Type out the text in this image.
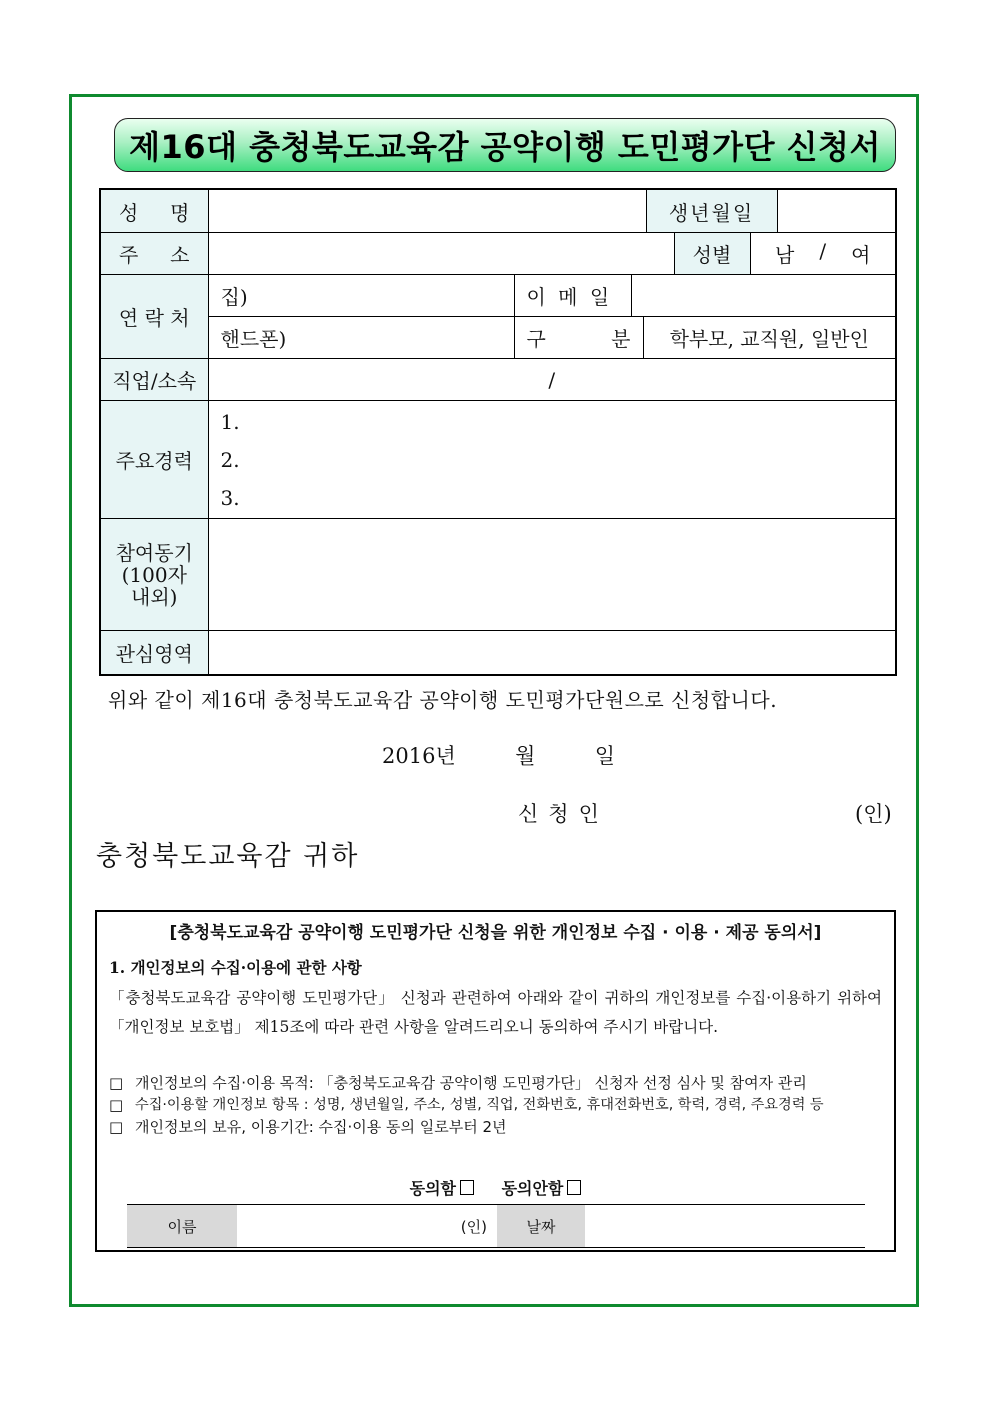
제16대 충청북도교육감 공약이행 도민평가단 신청서
성 명			생년월일		

주 소				성별	남 / 여

연 락 처	집)	이 메 일			

	핸드폰)	구 분 학부모, 교직원, 일반인			

직업/소속	/				
주요경력	1.
2.
3.				

참여동기
(100자
내외)					

관심영역					
위와 같이 제16대 충청북도교육감 공약이행 도민평가단원으로 신청합니다.
2016년	월	일
신청인	(인)
충청북도교육감 귀하
[충청북도교육감 공약이행 도민평가단 신청을 위한 개인정보 수집 · 이용 · 제공 동의서]
1. 개인정보의 수집·이용에 관한 사항
「충청북도교육감 공약이행 도민평가단」 신청과 관련하여 아래와 같이 귀하의 개인정보를 수집·이용하기 위하여 「개인정보 보호법」 제15조에 따라 관련 사항을 알려드리오니 동의하여 주시기 바랍니다.
□ 개인정보의 수집·이용 목적: 「충청북도교육감 공약이행 도민평가단」 신청자 선정 심사 및 참여자 관리
□ 수집·이용할 개인정보 항목 : 성명, 생년월일, 주소, 성별, 직업, 전화번호, 휴대전화번호, 학력, 경력, 주요경력 등
□ 개인정보의 보유, 이용기간: 수집·이용 동의 일로부터 2년
동의함	동의안함
이름	(인)	날짜
